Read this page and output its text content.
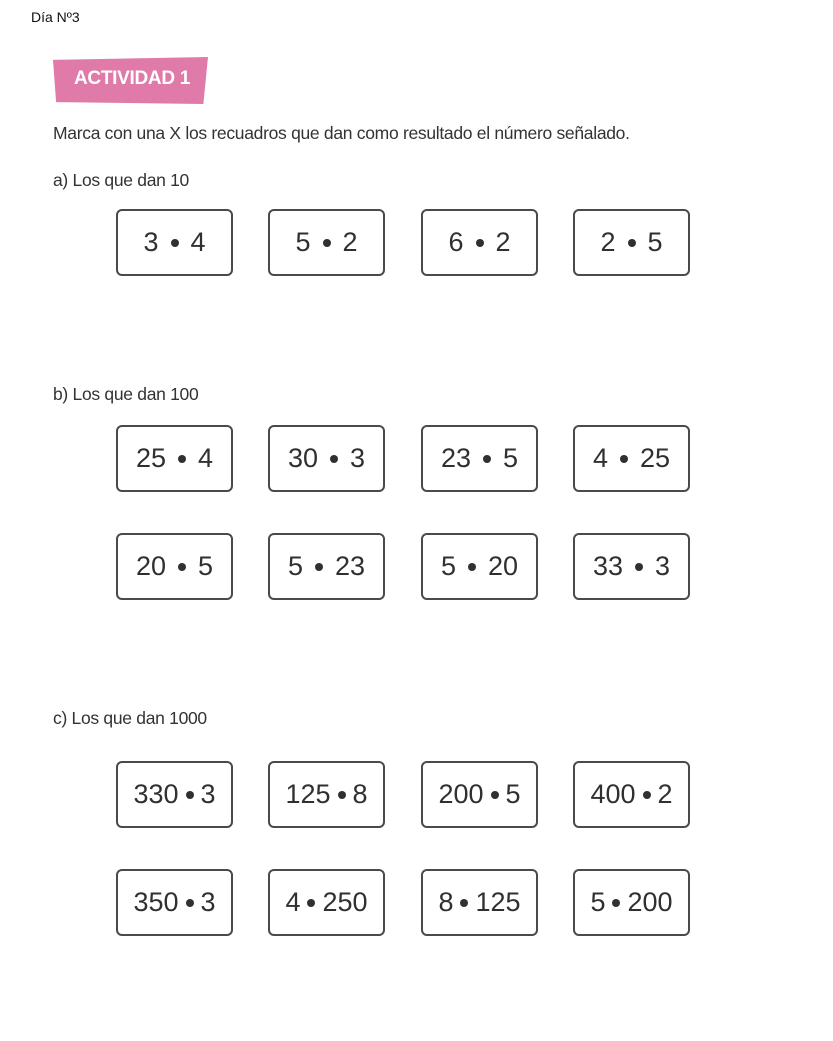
Día Nº3
ACTIVIDAD 1
Marca con una X los recuadros que dan como resultado el número señalado.
a) Los que dan 10
b) Los que dan 100
c) Los que dan 1000
3 4	5 2	6 2	2 5
25 4	30 3	23 5	4 25
20 5	5 23	5 20	33 3
330 3	125 8	200 5	400 2
350 3	4 250	8 125	5 200
